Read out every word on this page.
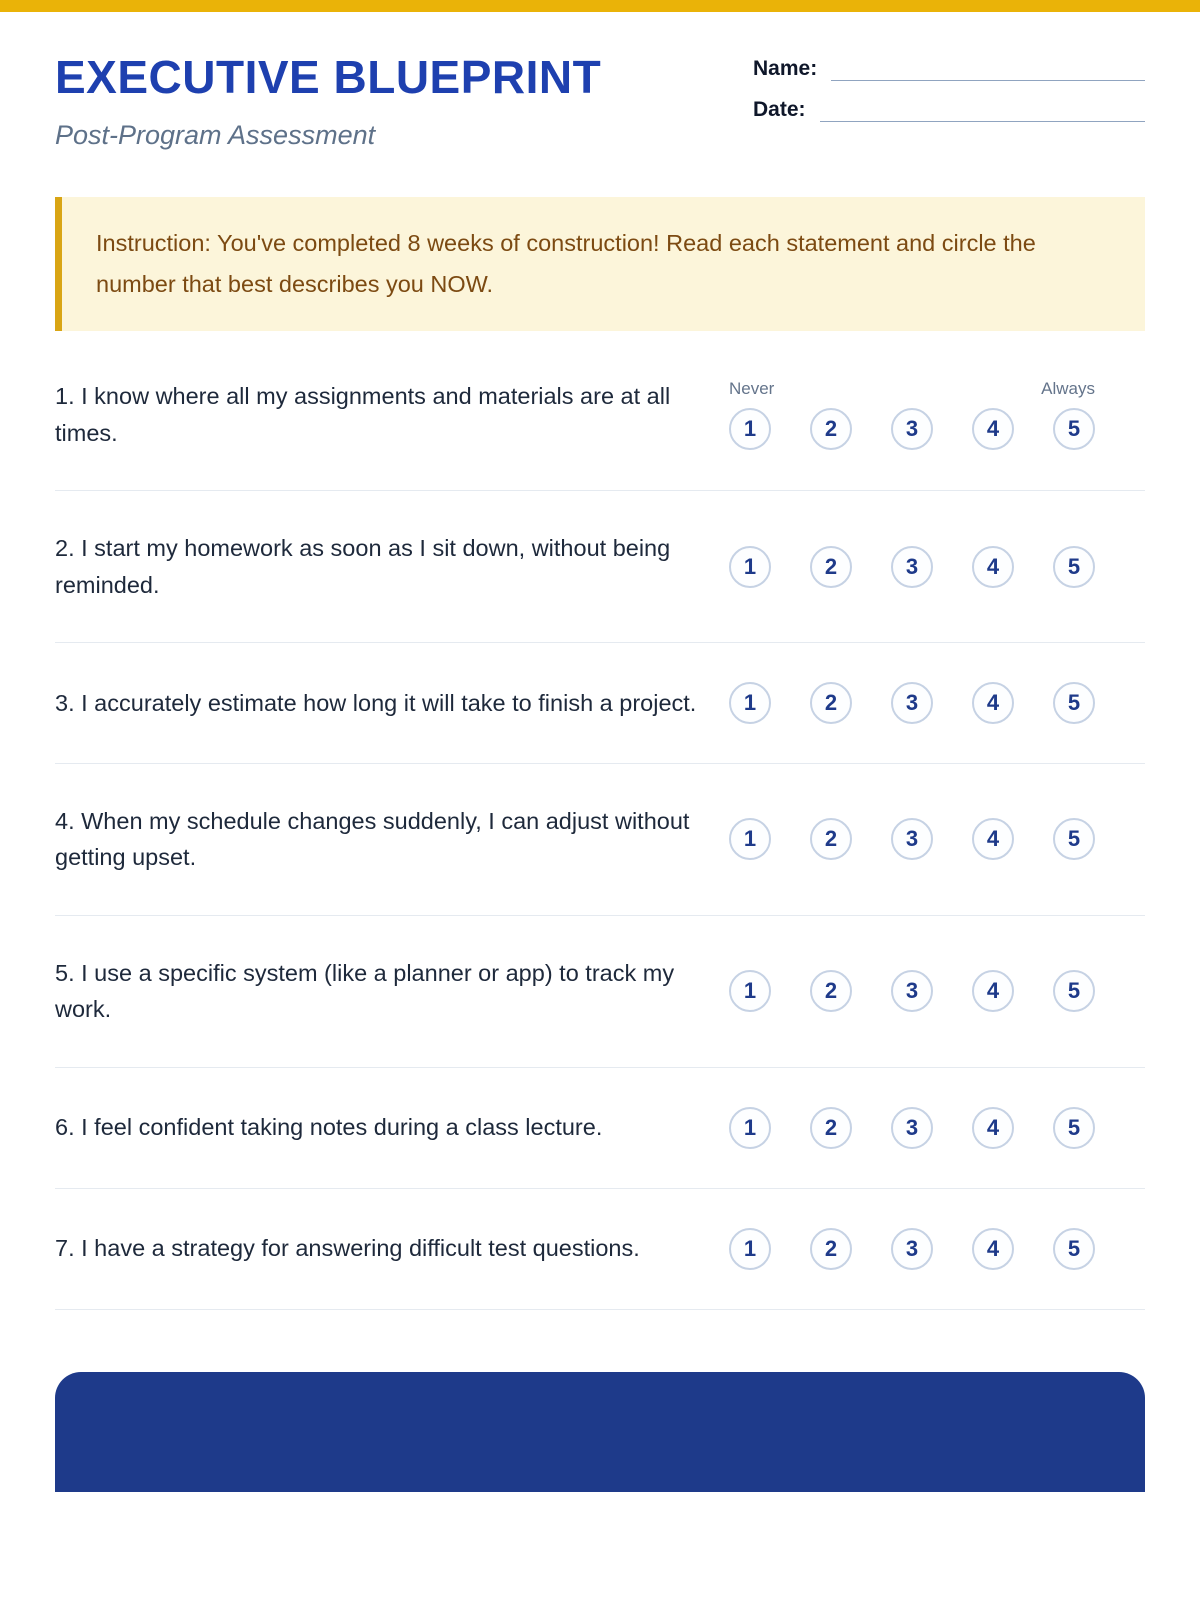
EXECUTIVE BLUEPRINT
Post-Program Assessment
Name:
Date:

Instruction: You've completed 8 weeks of construction! Read each statement and circle the number that best describes you NOW.

1. I know where all my assignments and materials are at all times.
Never	Always
1	2	3	4	5
2. I start my homework as soon as I sit down, without being reminded.
1	2	3	4	5
3. I accurately estimate how long it will take to finish a project.	1	2	3	4	5
4. When my schedule changes suddenly, I can adjust without getting upset.
1	2	3	4	5
5. I use a specific system (like a planner or app) to track my work.
1	2	3	4	5
6. I feel confident taking notes during a class lecture.	1	2	3	4	5
7. I have a strategy for answering difficult test questions.	1	2	3	4	5
